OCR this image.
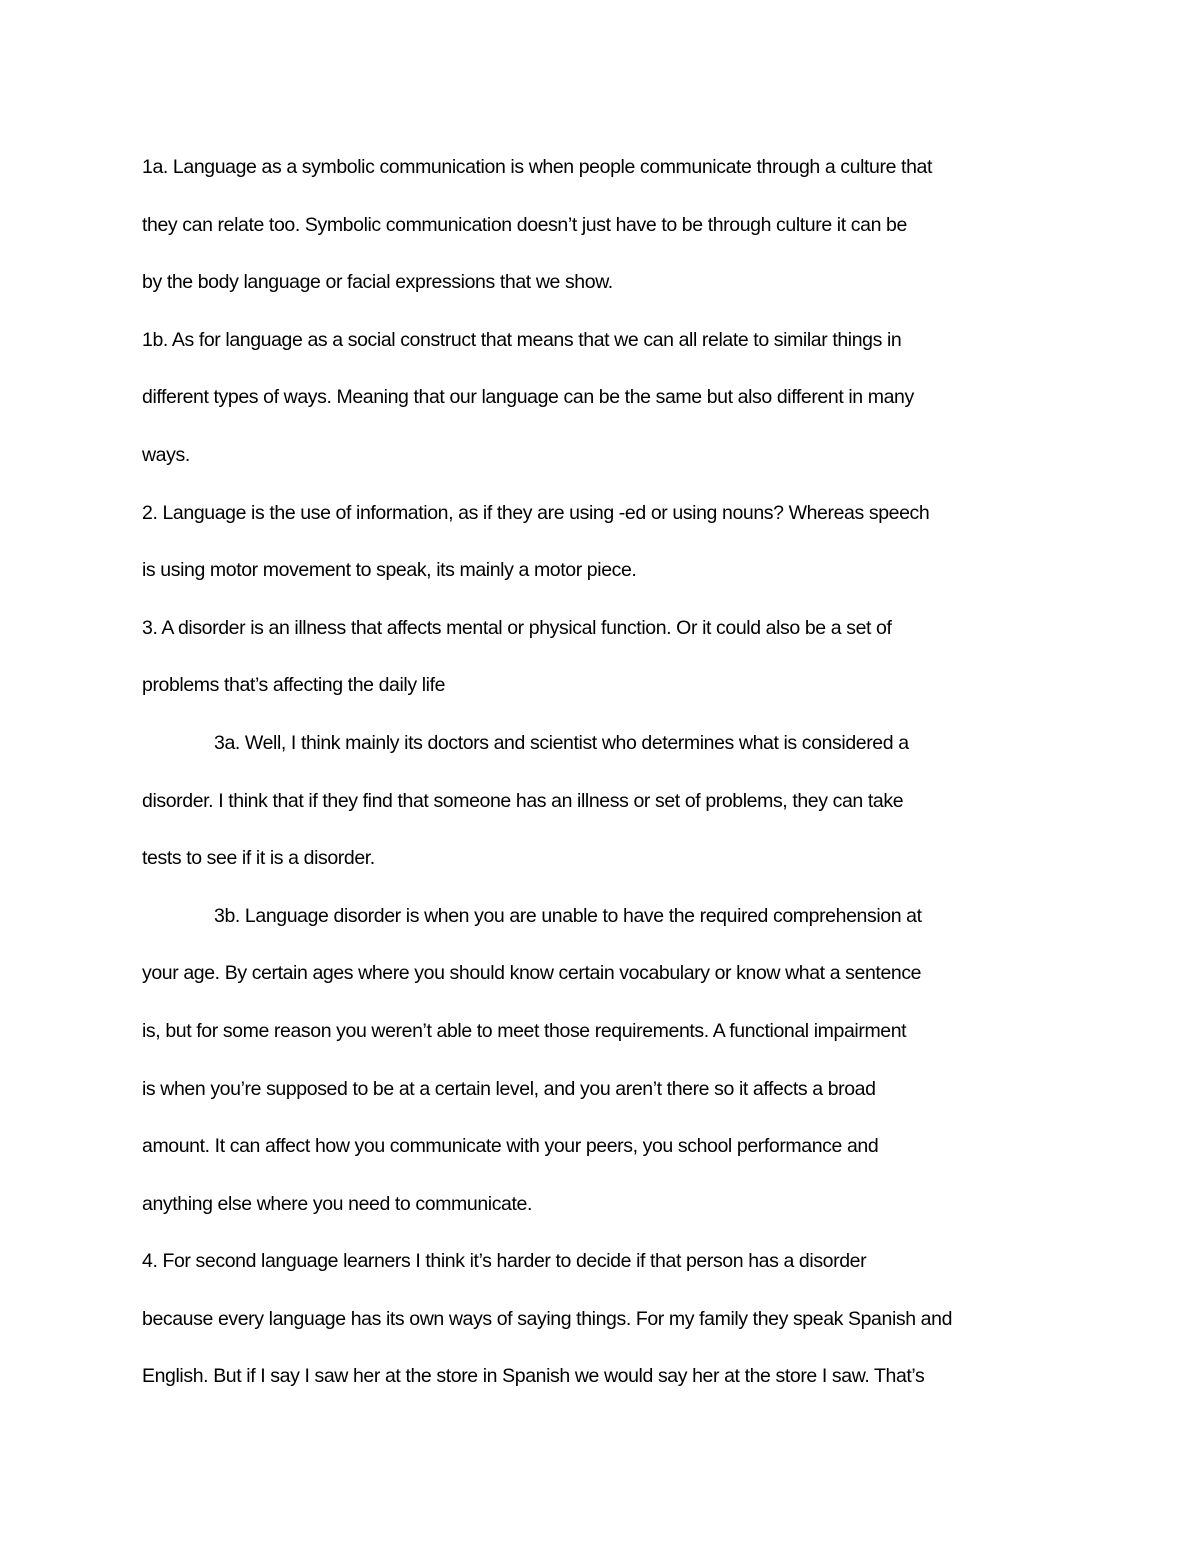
1a. Language as a symbolic communication is when people communicate through a culture that

they can relate too. Symbolic communication doesn’t just have to be through culture it can be

by the body language or facial expressions that we show.

1b. As for language as a social construct that means that we can all relate to similar things in

different types of ways. Meaning that our language can be the same but also different in many

ways.

2. Language is the use of information, as if they are using -ed or using nouns? Whereas speech

is using motor movement to speak, its mainly a motor piece.

3. A disorder is an illness that affects mental or physical function. Or it could also be a set of

problems that’s affecting the daily life

3a. Well, I think mainly its doctors and scientist who determines what is considered a

disorder. I think that if they find that someone has an illness or set of problems, they can take

tests to see if it is a disorder.

3b. Language disorder is when you are unable to have the required comprehension at

your age. By certain ages where you should know certain vocabulary or know what a sentence

is, but for some reason you weren’t able to meet those requirements. A functional impairment

is when you’re supposed to be at a certain level, and you aren’t there so it affects a broad

amount. It can affect how you communicate with your peers, you school performance and

anything else where you need to communicate.

4. For second language learners I think it’s harder to decide if that person has a disorder

because every language has its own ways of saying things. For my family they speak Spanish and

English. But if I say I saw her at the store in Spanish we would say her at the store I saw. That’s
